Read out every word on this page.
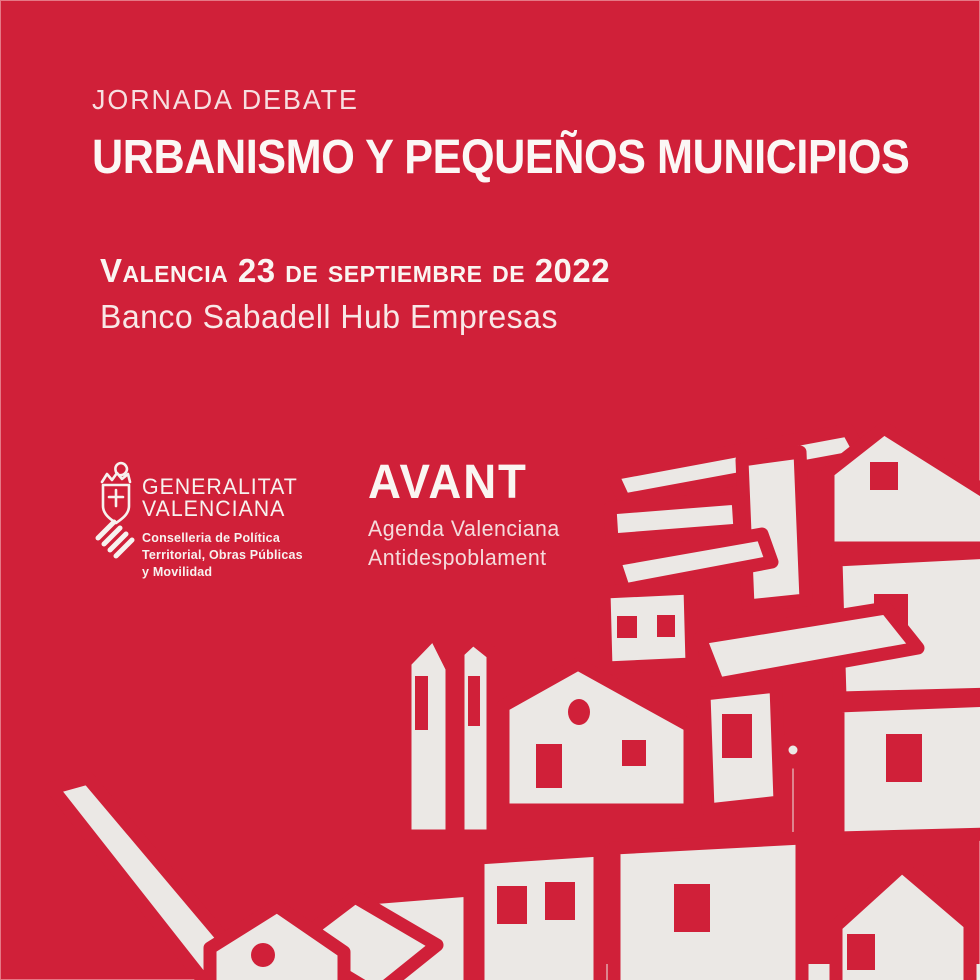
JORNADA DEBATE
URBANISMO Y PEQUEÑOS MUNICIPIOS
Valencia 23 de septiembre de 2022
Banco Sabadell Hub Empresas
GENERALITAT
VALENCIANA
Conselleria de Política
Territorial, Obras Públicas
y Movilidad
AVANT
Agenda Valenciana
Antidespoblament
